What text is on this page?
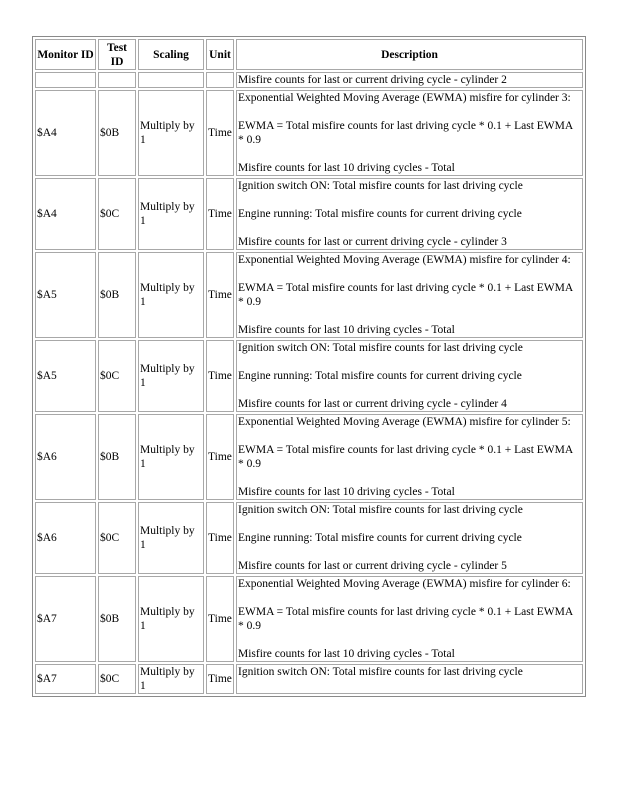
Monitor ID	Test ID	Scaling	Unit	Description

				Misfire counts for last or current driving cycle - cylinder 2

$A4	$0B	Multiply by 1	Time	Exponential Weighted Moving Average (EWMA) misfire for cylinder 3:
EWMA = Total misfire counts for last driving cycle * 0.1 + Last EWMA * 0.9
Misfire counts for last 10 driving cycles - Total

$A4	$0C	Multiply by 1	Time	Ignition switch ON: Total misfire counts for last driving cycle
Engine running: Total misfire counts for current driving cycle
Misfire counts for last or current driving cycle - cylinder 3

$A5	$0B	Multiply by 1	Time	Exponential Weighted Moving Average (EWMA) misfire for cylinder 4:
EWMA = Total misfire counts for last driving cycle * 0.1 + Last EWMA * 0.9
Misfire counts for last 10 driving cycles - Total

$A5	$0C	Multiply by 1	Time	Ignition switch ON: Total misfire counts for last driving cycle
Engine running: Total misfire counts for current driving cycle
Misfire counts for last or current driving cycle - cylinder 4

$A6	$0B	Multiply by 1	Time	Exponential Weighted Moving Average (EWMA) misfire for cylinder 5:
EWMA = Total misfire counts for last driving cycle * 0.1 + Last EWMA * 0.9
Misfire counts for last 10 driving cycles - Total

$A6	$0C	Multiply by 1	Time	Ignition switch ON: Total misfire counts for last driving cycle
Engine running: Total misfire counts for current driving cycle
Misfire counts for last or current driving cycle - cylinder 5

$A7	$0B	Multiply by 1	Time	Exponential Weighted Moving Average (EWMA) misfire for cylinder 6:
EWMA = Total misfire counts for last driving cycle * 0.1 + Last EWMA * 0.9
Misfire counts for last 10 driving cycles - Total

$A7	$0C	Multiply by 1	Time	Ignition switch ON: Total misfire counts for last driving cycle
